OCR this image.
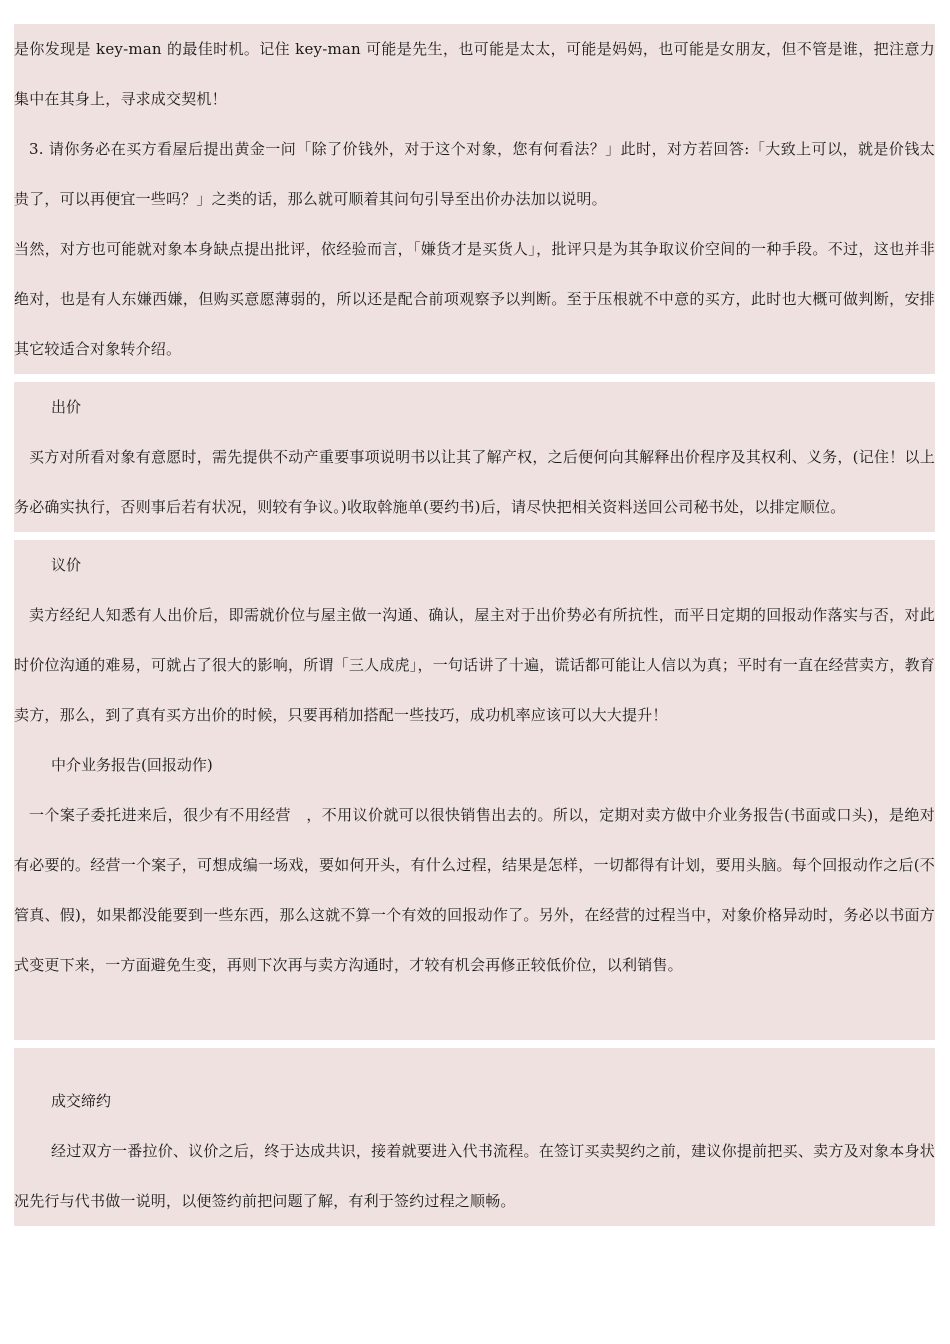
是你发现是 key-man 的最佳时机。记住 key-man 可能是先生，也可能是太太，可能是妈妈，也可能是女朋友，但不管是谁，把注意力集中在其身上，寻求成交契机！

3. 请你务必在买方看屋后提出黄金一问「除了价钱外，对于这个对象，您有何看法？」此时，对方若回答:「大致上可以，就是价钱太贵了，可以再便宜一些吗？」之类的话，那么就可顺着其问句引导至出价办法加以说明。

当然，对方也可能就对象本身缺点提出批评，依经验而言，「嫌货才是买货人」，批评只是为其争取议价空间的一种手段。不过，这也并非绝对，也是有人东嫌西嫌，但购买意愿薄弱的，所以还是配合前项观察予以判断。至于压根就不中意的买方，此时也大概可做判断，安排其它较适合对象转介绍。

出价

买方对所看对象有意愿时，需先提供不动产重要事项说明书以让其了解产权，之后便何向其解释出价程序及其权利、义务，(记住！以上务必确实执行，否则事后若有状况，则较有争议。)收取斡施单(要约书)后，请尽快把相关资料送回公司秘书处，以排定顺位。

议价

卖方经纪人知悉有人出价后，即需就价位与屋主做一沟通、确认，屋主对于出价势必有所抗性，而平日定期的回报动作落实与否，对此时价位沟通的难易，可就占了很大的影响，所谓「三人成虎」，一句话讲了十遍，谎话都可能让人信以为真；平时有一直在经营卖方，教育卖方，那么，到了真有买方出价的时候，只要再稍加搭配一些技巧，成功机率应该可以大大提升！

中介业务报告(回报动作)

一个案子委托进来后，很少有不用经营　，不用议价就可以很快销售出去的。所以，定期对卖方做中介业务报告(书面或口头)，是绝对有必要的。经营一个案子，可想成编一场戏，要如何开头，有什么过程，结果是怎样，一切都得有计划，要用头脑。每个回报动作之后(不管真、假)，如果都没能要到一些东西，那么这就不算一个有效的回报动作了。另外，在经营的过程当中，对象价格异动时，务必以书面方式变更下来，一方面避免生变，再则下次再与卖方沟通时，才较有机会再修正较低价位，以利销售。

成交缔约

经过双方一番拉价、议价之后，终于达成共识，接着就要进入代书流程。在签订买卖契约之前，建议你提前把买、卖方及对象本身状况先行与代书做一说明，以便签约前把问题了解，有利于签约过程之顺畅。
